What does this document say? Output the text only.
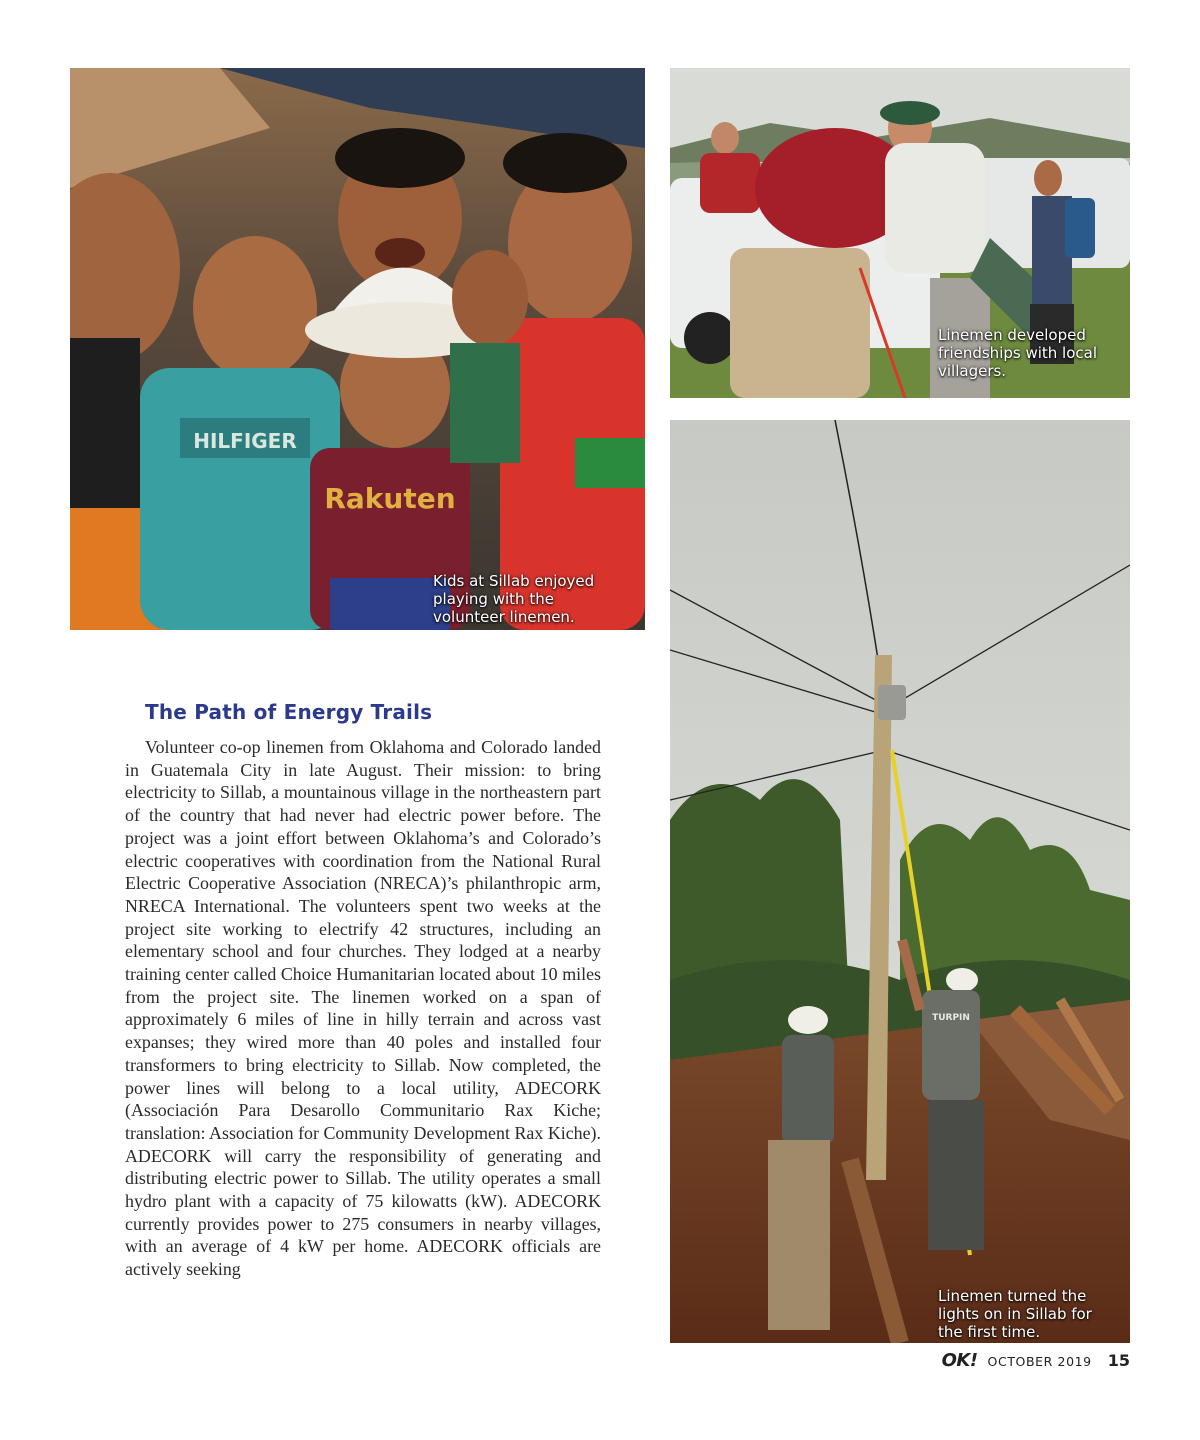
HILFIGER
Rakuten
Kids at Sillab enjoyed
playing with the
volunteer linemen.
Linemen developed
friendships with local
villagers.
TURPIN
Linemen turned the
lights on in Sillab for
the first time.
The Path of Energy Trails

Volunteer co-op linemen from Oklahoma and Colorado landed in Guatemala City in late August. Their mission: to bring electricity to Sillab, a mountainous village in the northeastern part of the country that had never had electric power before. The project was a joint effort between Oklahoma’s and Colorado’s electric cooperatives with coordination from the National Rural Electric Cooperative Association (NRECA)’s philanthropic arm, NRECA International. The volunteers spent two weeks at the project site working to electrify 42 structures, including an elementary school and four churches. They lodged at a nearby training center called Choice Humanitarian located about 10 miles from the project site. The linemen worked on a span of approximately 6 miles of line in hilly terrain and across vast expanses; they wired more than 40 poles and installed four transformers to bring electricity to Sillab. Now completed, the power lines will belong to a local utility, ADECORK (Associación Para Desarollo Communitario Rax Kiche; translation: Association for Community Development Rax Kiche). ADECORK will carry the responsibility of generating and distributing electric power to Sillab. The utility operates a small hydro plant with a capacity of 75 kilowatts (kW). ADECORK currently provides power to 275 consumers in nearby villages, with an average of 4 kW per home. ADECORK officials are actively seeking

OK! OCTOBER 2019 15
